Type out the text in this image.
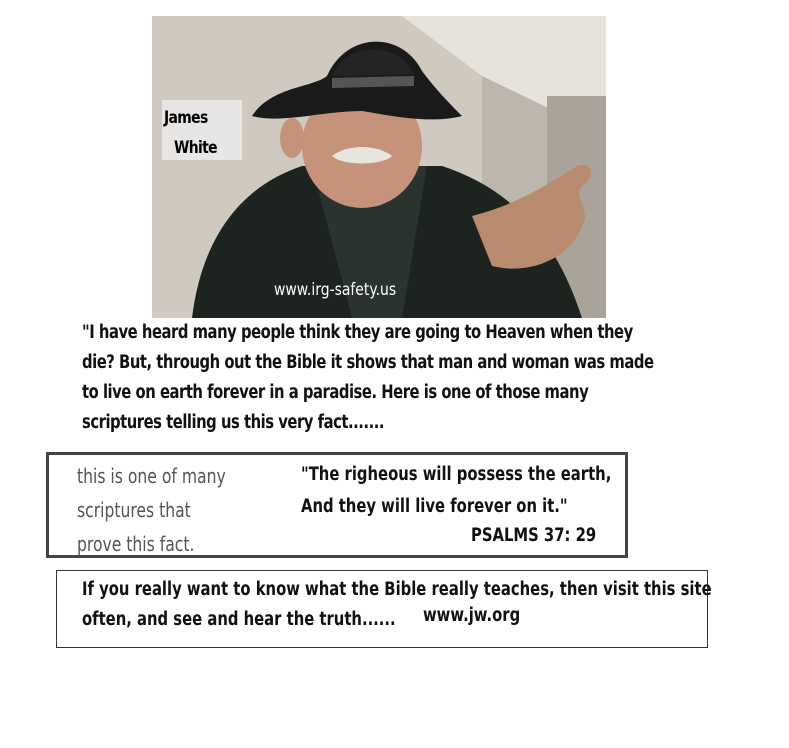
James
White
www.irg-safety.us
"I have heard many people think they are going to Heaven when they
die? But, through out the Bible it shows that man and woman was made
to live on earth forever in a paradise. Here is one of those many
scriptures telling us this very fact.......
this is one of many
scriptures that
prove this fact.
"The righeous will possess the earth,
And they will live forever on it."
PSALMS 37: 29
If you really want to know what the Bible really teaches, then visit this site
often, and see and hear the truth......	www.jw.org
